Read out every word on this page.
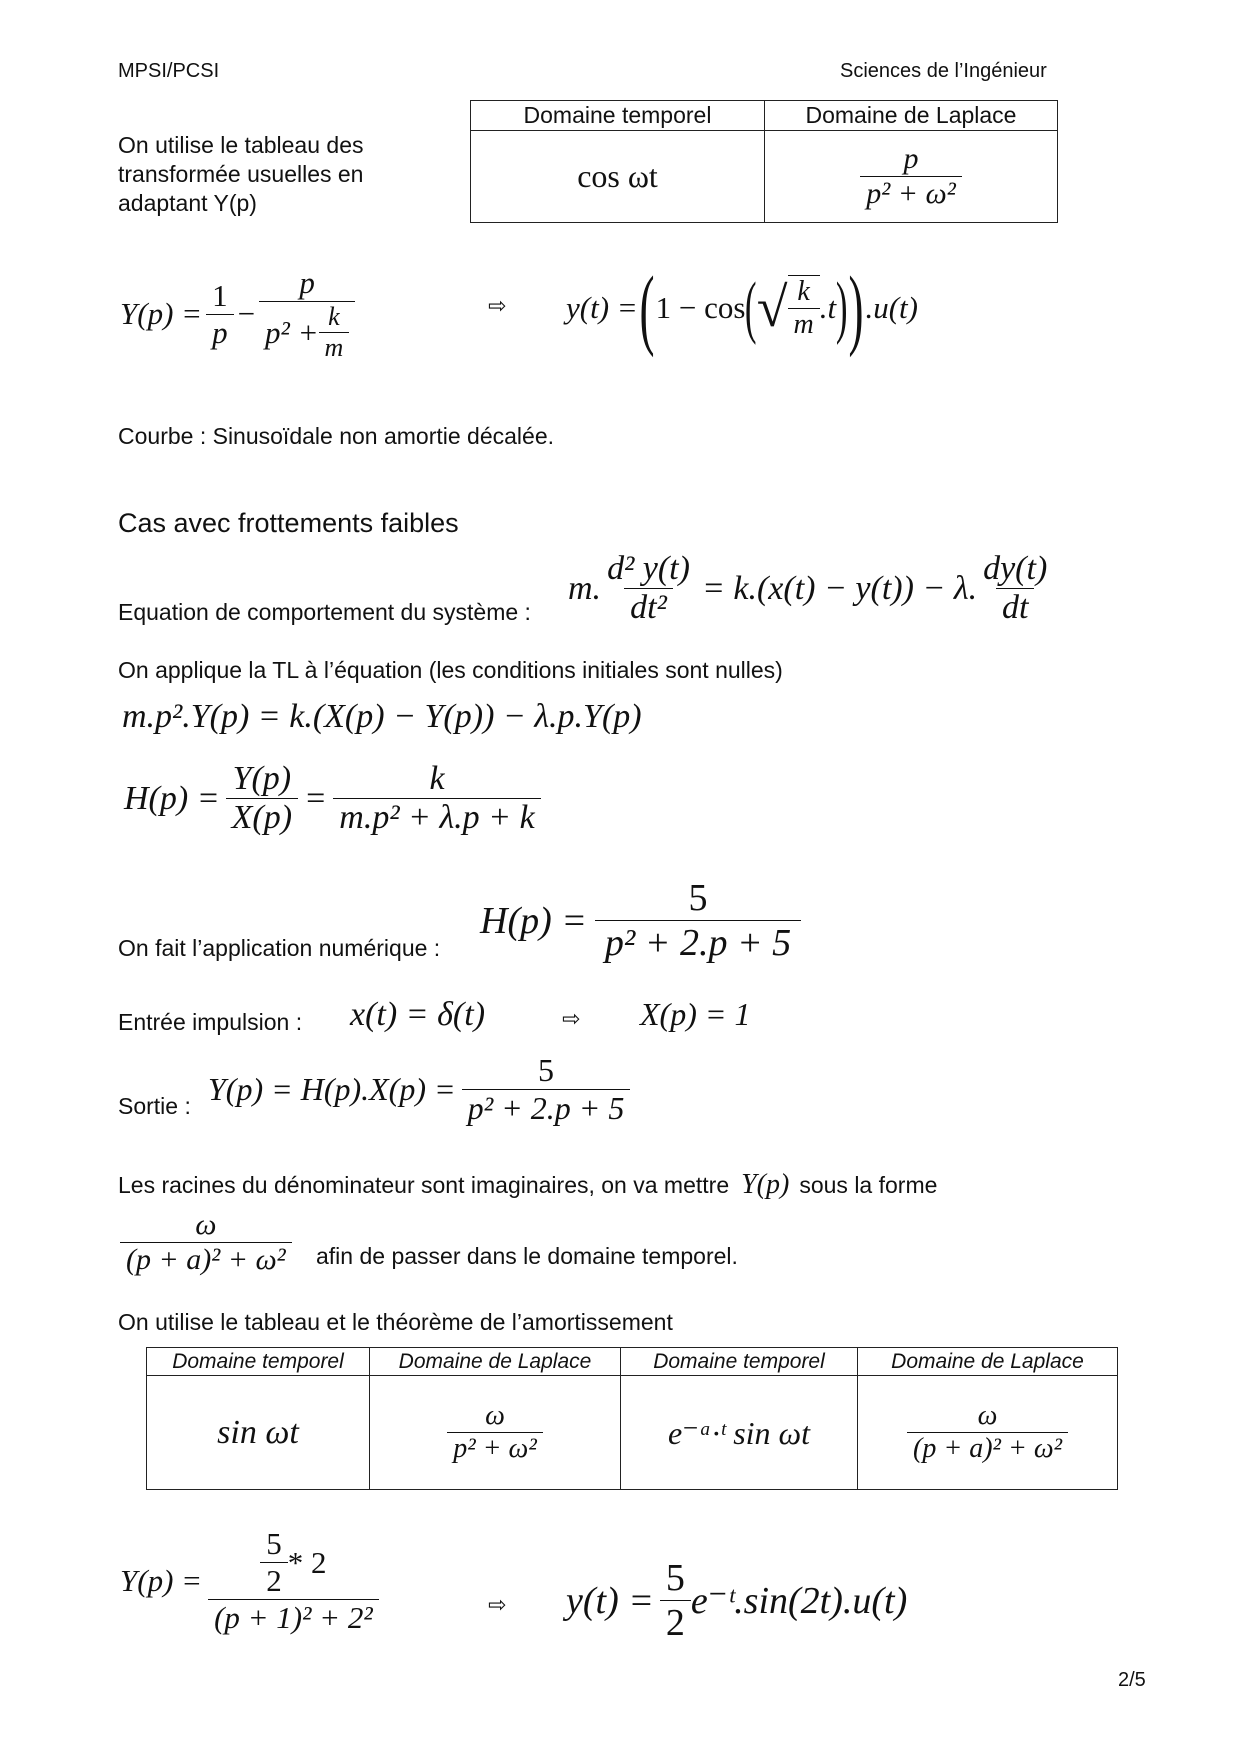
MPSI/PCSI	Sciences de l’Ingénieur
On utilise le tableau des
transformée usuelles en
adaptant Y(p)
Domaine temporel	Domaine de Laplace
cos ωt	$\frac{p}{\text{p² + ω²}}$
$Y(p) = \frac{1}{p} - \frac{p}{p^2 + \frac{k}{m}}$	⇨ y(t) = ( 1 − cos ( √ k
m .t ) ) .u(t)
Courbe : Sinusoïdale non amortie décalée.
Cas avec frottements faibles
Equation de comportement du système :
m. $\frac{\text{d² y(t)}}{\text{dt²}} = k.(x(t) - y(t)) - \lambda$.
dy(t)
dt
On applique la TL à l’équation (les conditions initiales sont nulles)
m.p².Y(p) = k.(X(p) − Y(p)) − λ.p.Y(p)
$H(p) = \frac{Y(p)}{X(p)} = \frac{k}{\text{m.p² + λ.p + k}}$
On fait l’application numérique :
$H(p) = \frac{5}{\text{p² + 2.p + 5}}$
Entrée impulsion : x(t) = δ(t)	⇨ X(p) = 1
Sortie : $Y(p) = H(p).X(p) = \frac{5}{\text{p² + 2.p + 5}}$
Les racines du dénominateur sont imaginaires, on va mettre Y(p) sous la forme
$\frac{\omega}{\text{(p + a)² + ω²}}$ afin de passer dans le domaine temporel.
On utilise le tableau et le théorème de l’amortissement
Domaine temporel	Domaine de Laplace	Domaine temporel	Domaine de Laplace
sin ωt	$\frac{\omega}{\text{p² + ω²}}$	e⁻ᵃ·ᵗ sin ωt	$\frac{\omega}{\text{(p + a)² + ω²}}$
Y(p) = 5
2
* 2
(p + 1)² + 2²	⇨ $y(t) = \frac{5}{2}$ e⁻ᵗ.sin(2t).u(t)
2/5
